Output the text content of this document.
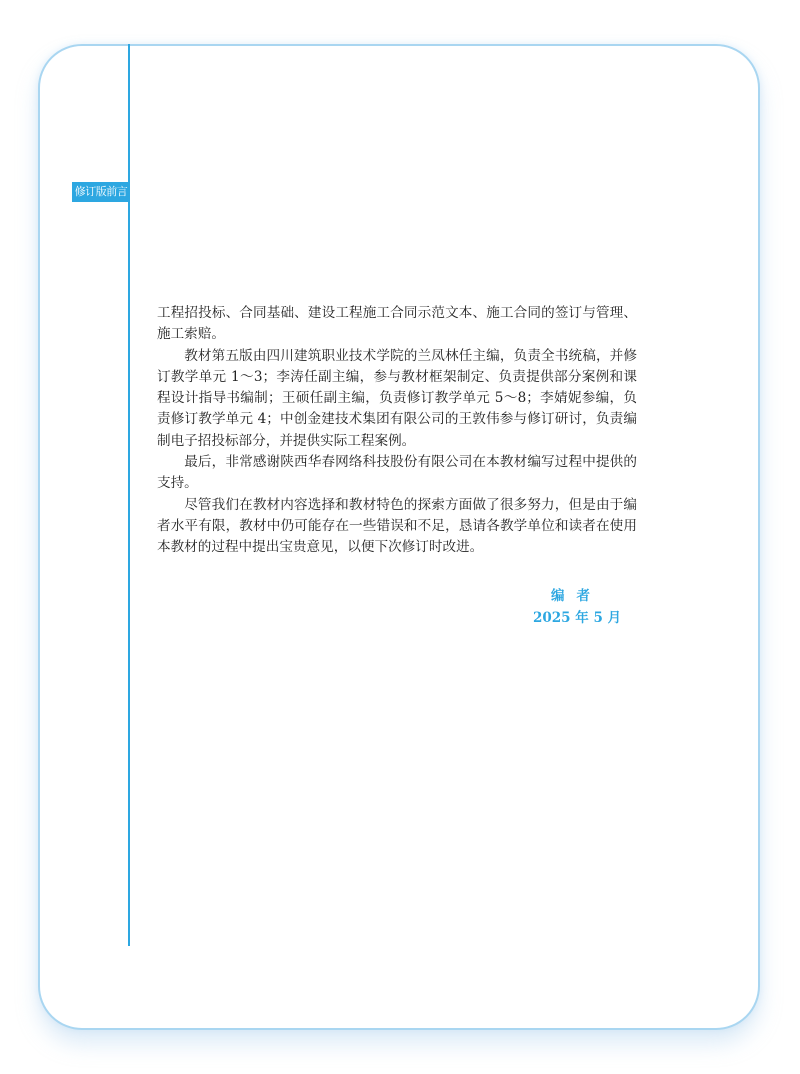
修订版前言

工程招投标、合同基础、建设工程施工合同示范文本、施工合同的签订与管理、施工索赔。

教材第五版由四川建筑职业技术学院的兰凤林任主编，负责全书统稿，并修订教学单元 1～3；李涛任副主编，参与教材框架制定、负责提供部分案例和课程设计指导书编制；王硕任副主编，负责修订教学单元 5～8；李婧妮参编，负责修订教学单元 4；中创金建技术集团有限公司的王敦伟参与修订研讨，负责编制电子招投标部分，并提供实际工程案例。

最后，非常感谢陕西华春网络科技股份有限公司在本教材编写过程中提供的支持。

尽管我们在教材内容选择和教材特色的探索方面做了很多努力，但是由于编者水平有限，教材中仍可能存在一些错误和不足，恳请各教学单位和读者在使用本教材的过程中提出宝贵意见，以便下次修订时改进。

编者
2025 年 5 月
